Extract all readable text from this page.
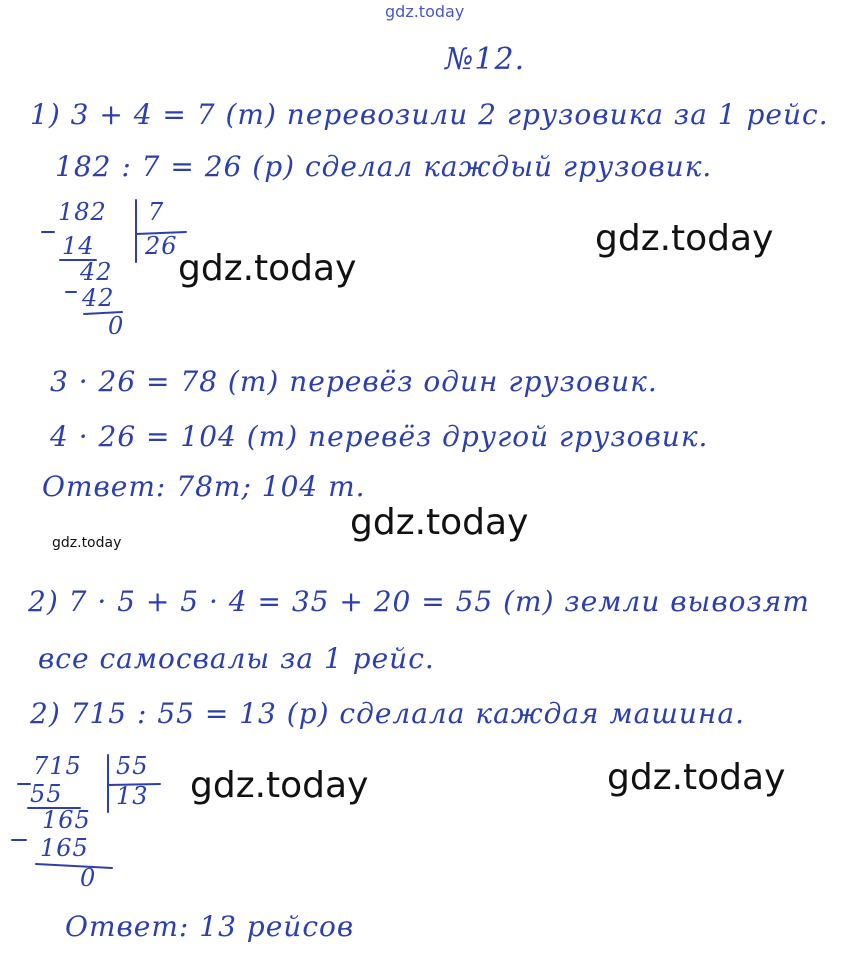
gdz.today
gdz.today
gdz.today
gdz.today
gdz.today
gdz.today	gdz.today
№12.
1) 3 + 4 = 7 (т) перевозили 2 грузовика за 1 рейс.
182 : 7 = 26 (р) сделал каждый грузовик.
182 7
26
14
42
42
0
3 · 26 = 78 (т) перевёз один грузовик.
4 · 26 = 104 (т) перевёз другой грузовик.
Ответ: 78т; 104 т.
2) 7 · 5 + 5 · 4 = 35 + 20 = 55 (т) земли вывозят
все самосвалы за 1 рейс.
2) 715 : 55 = 13 (р) сделала каждая машина.
715 55
13
55
165
165
0
Ответ: 13 рейсов
